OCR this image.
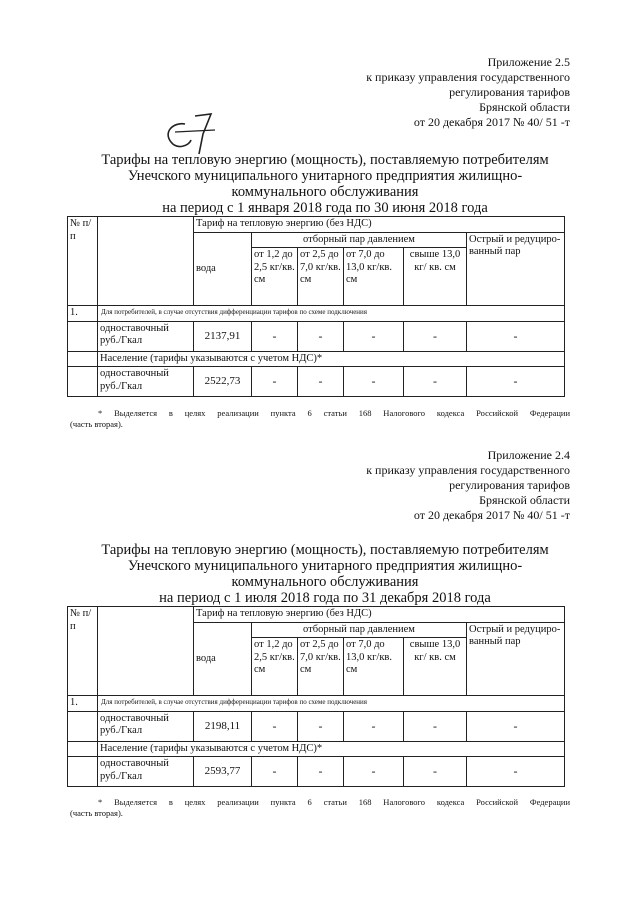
Приложение 2.5
к приказу управления государственного
регулирования тарифов
Брянской области
от 20 декабря 2017 № 40/ 51 -т
Тарифы на тепловую энергию (мощность), поставляемую потребителям
Унечского муниципального унитарного предприятия жилищно-
коммунального обслуживания
на период с 1 января 2018 года по 30 июня 2018 года
№ п/п		Тариф на тепловую энергию (без НДС)					
		вода	отборный пар давлением				Острый и редуциро-ванный пар
			от 1,2 до 2,5 кг/кв. см	от 2,5 до 7,0 кг/кв. см	от 7,0 до 13,0 кг/кв. см	свыше 13,0 кг/ кв. см	
1.	Для потребителей, в случае отсутствия дифференциации тарифов по схеме подключения						
	одноставочный руб./Гкал	2137,91	-	-	-	-	-
	Население (тарифы указываются с учетом НДС)*						
	одноставочный руб./Гкал	2522,73	-	-	-	-	-
* Выделяется в целях реализации пункта 6 статьи 168 Налогового кодекса Российской Федерации
(часть вторая).
Приложение 2.4
к приказу управления государственного
регулирования тарифов
Брянской области
от 20 декабря 2017 № 40/ 51 -т
Тарифы на тепловую энергию (мощность), поставляемую потребителям
Унечского муниципального унитарного предприятия жилищно-
коммунального обслуживания
на период с 1 июля 2018 года по 31 декабря 2018 года
№ п/п		Тариф на тепловую энергию (без НДС)					
		вода	отборный пар давлением				Острый и редуциро-ванный пар
			от 1,2 до 2,5 кг/кв. см	от 2,5 до 7,0 кг/кв. см	от 7,0 до 13,0 кг/кв. см	свыше 13,0 кг/ кв. см	
1.	Для потребителей, в случае отсутствия дифференциации тарифов по схеме подключения						
	одноставочный руб./Гкал	2198,11	-	-	-	-	-
	Население (тарифы указываются с учетом НДС)*						
	одноставочный руб./Гкал	2593,77	-	-	-	-	-
* Выделяется в целях реализации пункта 6 статьи 168 Налогового кодекса Российской Федерации
(часть вторая).
